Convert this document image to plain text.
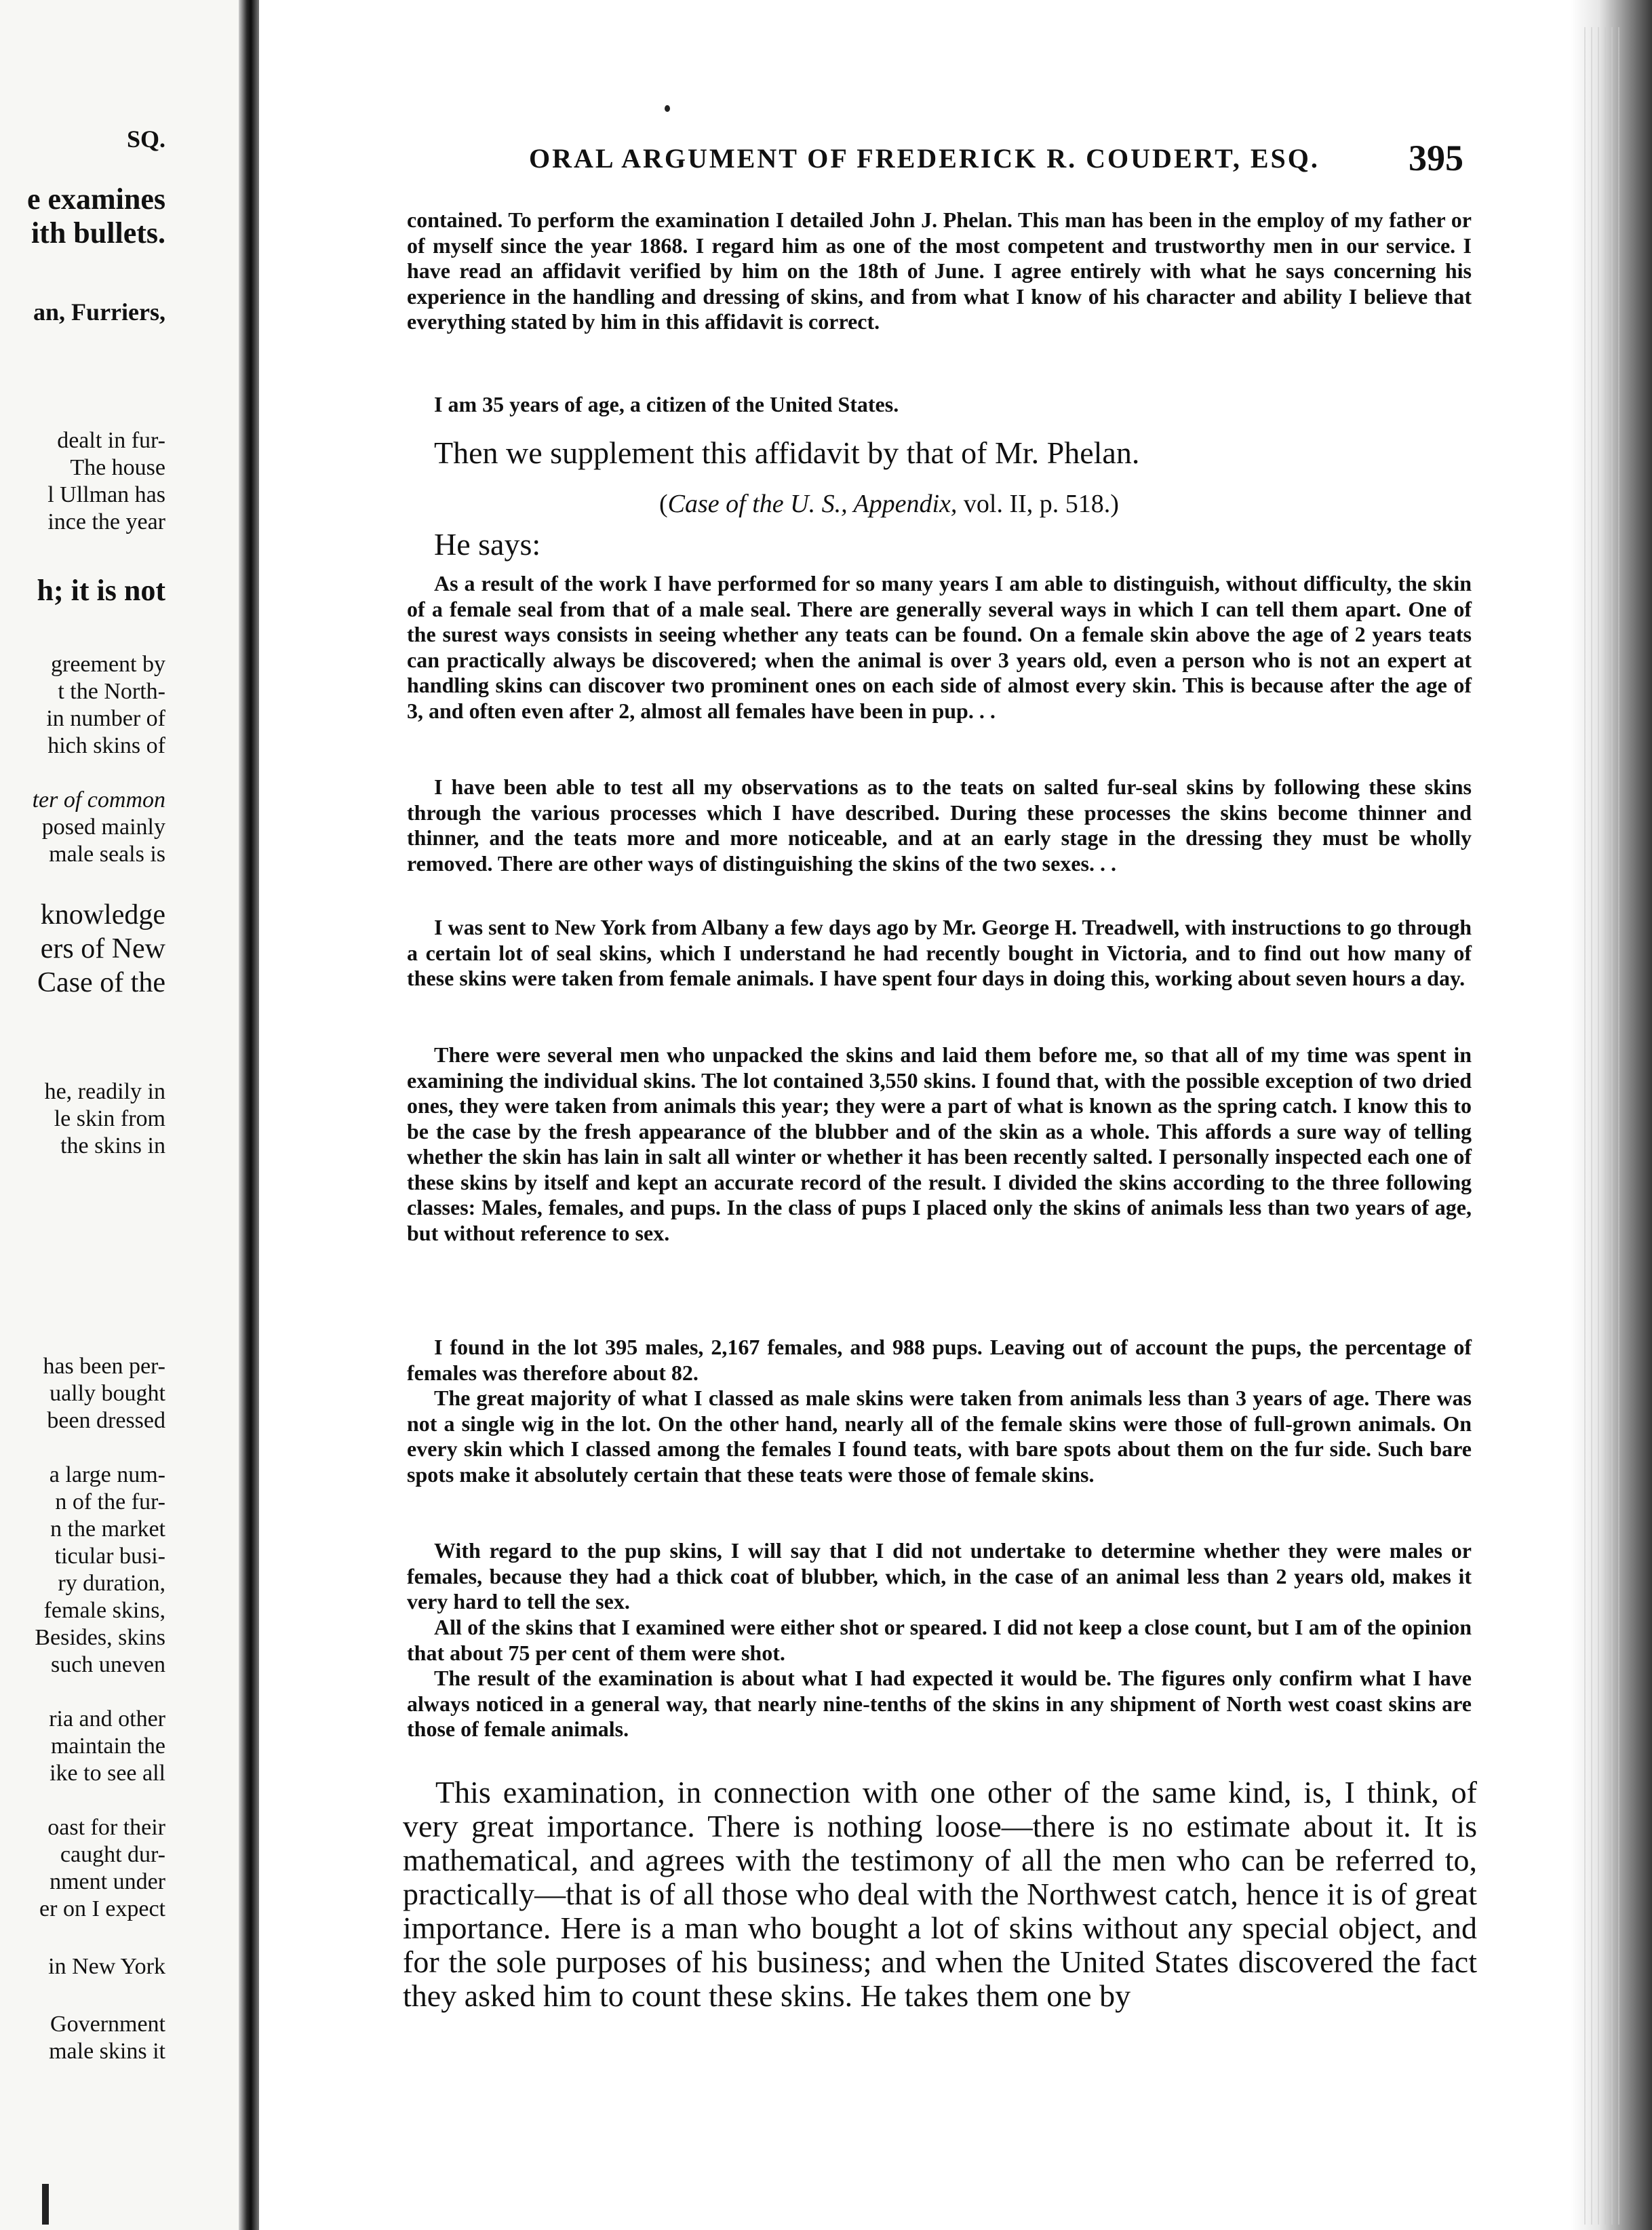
SQ.
e examines
ith bullets.
an, Furriers,
dealt in fur-
The house
l Ullman has
ince the year
h; it is not
greement by
t the North-
in number of
hich skins of
ter of common
posed mainly
male seals is
knowledge
ers of New
Case of the
he, readily in
le skin from
the skins in
has been per-
ually bought
been dressed
a large num-
n of the fur-
n the market
ticular busi-
ry duration,
female skins,
Besides, skins
such uneven
ria and other
maintain the
ike to see all
oast for their
caught dur-
nment under
er on I expect
in New York
Government
male skins it
ORAL ARGUMENT OF FREDERICK R. COUDERT, ESQ. 395

contained. To perform the examination I detailed John J. Phelan. This man has been in the employ of my father or of myself since the year 1868. I regard him as one of the most competent and trustworthy men in our service. I have read an affidavit verified by him on the 18th of June. I agree entirely with what he says concerning his experience in the handling and dressing of skins, and from what I know of his character and ability I believe that everything stated by him in this affidavit is correct.

I am 35 years of age, a citizen of the United States.

Then we supplement this affidavit by that of Mr. Phelan.

(Case of the U. S., Appendix, vol. II, p. 518.)

He says:

As a result of the work I have performed for so many years I am able to distinguish, without difficulty, the skin of a female seal from that of a male seal. There are generally several ways in which I can tell them apart. One of the surest ways consists in seeing whether any teats can be found. On a female skin above the age of 2 years teats can practically always be discovered; when the animal is over 3 years old, even a person who is not an expert at handling skins can discover two prominent ones on each side of almost every skin. This is because after the age of 3, and often even after 2, almost all females have been in pup. . .

I have been able to test all my observations as to the teats on salted fur-seal skins by following these skins through the various processes which I have described. During these processes the skins become thinner and thinner, and the teats more and more noticeable, and at an early stage in the dressing they must be wholly removed. There are other ways of distinguishing the skins of the two sexes. . .

I was sent to New York from Albany a few days ago by Mr. George H. Treadwell, with instructions to go through a certain lot of seal skins, which I understand he had recently bought in Victoria, and to find out how many of these skins were taken from female animals. I have spent four days in doing this, working about seven hours a day.

There were several men who unpacked the skins and laid them before me, so that all of my time was spent in examining the individual skins. The lot contained 3,550 skins. I found that, with the possible exception of two dried ones, they were taken from animals this year; they were a part of what is known as the spring catch. I know this to be the case by the fresh appearance of the blubber and of the skin as a whole. This affords a sure way of telling whether the skin has lain in salt all winter or whether it has been recently salted. I personally inspected each one of these skins by itself and kept an accurate record of the result. I divided the skins according to the three following classes: Males, females, and pups. In the class of pups I placed only the skins of animals less than two years of age, but without reference to sex.

I found in the lot 395 males, 2,167 females, and 988 pups. Leaving out of account the pups, the percentage of females was therefore about 82.

The great majority of what I classed as male skins were taken from animals less than 3 years of age. There was not a single wig in the lot. On the other hand, nearly all of the female skins were those of full-grown animals. On every skin which I classed among the females I found teats, with bare spots about them on the fur side. Such bare spots make it absolutely certain that these teats were those of female skins.

With regard to the pup skins, I will say that I did not undertake to determine whether they were males or females, because they had a thick coat of blubber, which, in the case of an animal less than 2 years old, makes it very hard to tell the sex.

All of the skins that I examined were either shot or speared. I did not keep a close count, but I am of the opinion that about 75 per cent of them were shot.

The result of the examination is about what I had expected it would be. The figures only confirm what I have always noticed in a general way, that nearly nine-tenths of the skins in any shipment of North west coast skins are those of female animals.

This examination, in connection with one other of the same kind, is, I think, of very great importance. There is nothing loose—there is no estimate about it. It is mathematical, and agrees with the testimony of all the men who can be referred to, practically—that is of all those who deal with the Northwest catch, hence it is of great importance. Here is a man who bought a lot of skins without any special object, and for the sole purposes of his business; and when the United States discovered the fact they asked him to count these skins. He takes them one by
